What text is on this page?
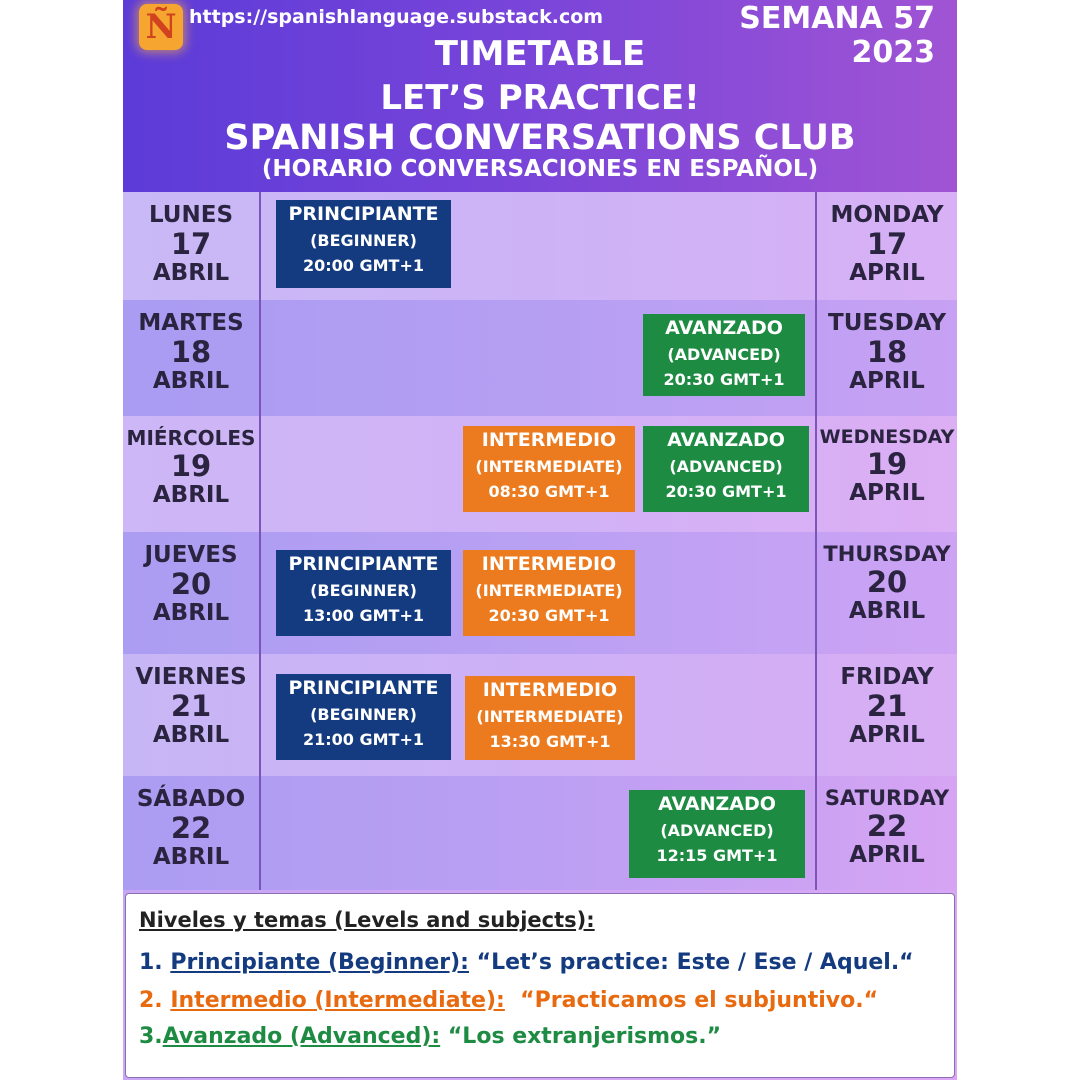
Ñ https://spanishlanguage.substack.com	SEMANA 57
2023
TIMETABLE
LET’S PRACTICE!
SPANISH CONVERSATIONS CLUB
(HORARIO CONVERSACIONES EN ESPAÑOL)
LUNES
17
ABRIL
MONDAY
17
APRIL
PRINCIPIANTE
(BEGINNER)
20:00 GMT+1
MARTES
18
ABRIL
TUESDAY
18
APRIL
AVANZADO
(ADVANCED)
20:30 GMT+1
MIÉRCOLES
19
ABRIL
WEDNESDAY
19
APRIL
INTERMEDIO
(INTERMEDIATE)
08:30 GMT+1
AVANZADO
(ADVANCED)
20:30 GMT+1
JUEVES
20
ABRIL
THURSDAY
20
ABRIL
PRINCIPIANTE
(BEGINNER)
13:00 GMT+1
INTERMEDIO
(INTERMEDIATE)
20:30 GMT+1
VIERNES
21
ABRIL
FRIDAY
21
APRIL
PRINCIPIANTE
(BEGINNER)
21:00 GMT+1
INTERMEDIO
(INTERMEDIATE)
13:30 GMT+1
SÁBADO
22
ABRIL
SATURDAY
22
APRIL
AVANZADO
(ADVANCED)
12:15 GMT+1
Niveles y temas (Levels and subjects):
1. Principiante (Beginner): “Let’s practice: Este / Ese / Aquel.“
2. Intermedio (Intermediate):  “Practicamos el subjuntivo.“
3.Avanzado (Advanced): “Los extranjerismos.”
